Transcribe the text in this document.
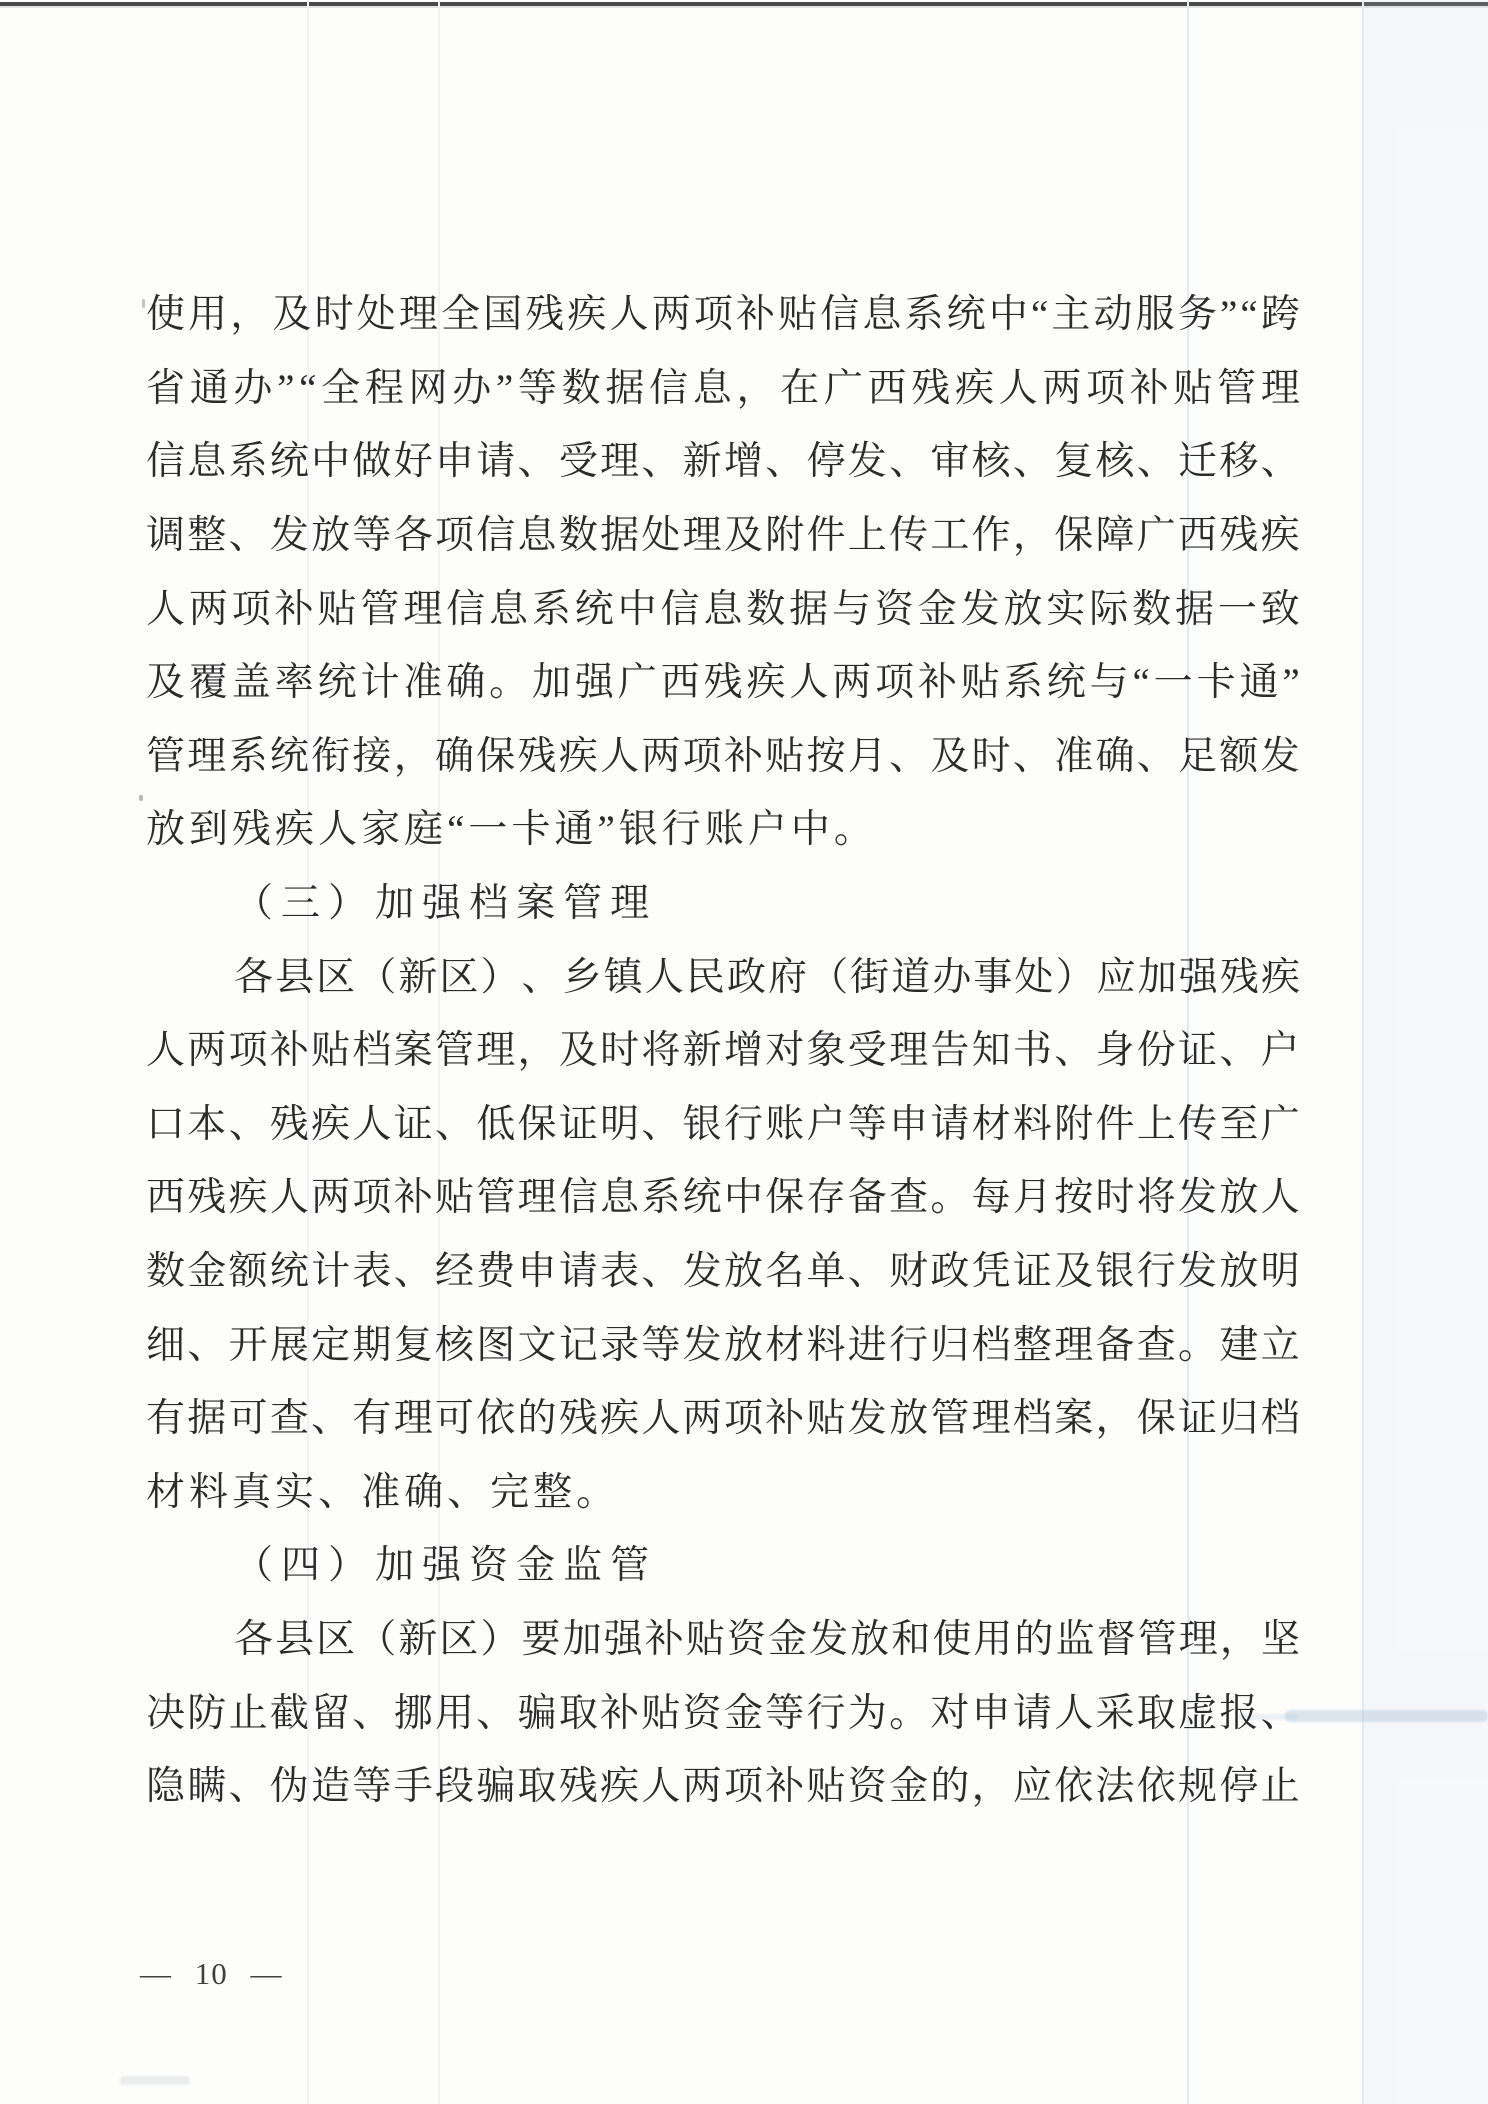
使 用 ， 及 时 处 理 全 国 残 疾 人 两 项 补 贴 信 息 系 统 中 “ 主 动 服 务 ” “ 跨
省 通 办 ” “ 全 程 网 办 ” 等 数 据 信 息 ， 在 广 西 残 疾 人 两 项 补 贴 管 理
信 息 系 统 中 做 好 申 请 、 受 理 、 新 增 、 停 发 、 审 核 、 复 核 、 迁 移 、
调 整 、 发 放 等 各 项 信 息 数 据 处 理 及 附 件 上 传 工 作 ， 保 障 广 西 残 疾
人 两 项 补 贴 管 理 信 息 系 统 中 信 息 数 据 与 资 金 发 放 实 际 数 据 一 致
及 覆 盖 率 统 计 准 确 。 加 强 广 西 残 疾 人 两 项 补 贴 系 统 与 “ 一 卡 通 ”
管 理 系 统 衔 接 ， 确 保 残 疾 人 两 项 补 贴 按 月 、 及 时 、 准 确 、 足 额 发
放 到 残 疾 人 家 庭 “ 一 卡 通 ” 银 行 账 户 中 。
（ 三 ） 加 强 档 案 管 理
各 县 区 （ 新 区 ） 、 乡 镇 人 民 政 府 （ 街 道 办 事 处 ） 应 加 强 残 疾
人 两 项 补 贴 档 案 管 理 ， 及 时 将 新 增 对 象 受 理 告 知 书 、 身 份 证 、 户
口 本 、 残 疾 人 证 、 低 保 证 明 、 银 行 账 户 等 申 请 材 料 附 件 上 传 至 广
西 残 疾 人 两 项 补 贴 管 理 信 息 系 统 中 保 存 备 查 。 每 月 按 时 将 发 放 人
数 金 额 统 计 表 、 经 费 申 请 表 、 发 放 名 单 、 财 政 凭 证 及 银 行 发 放 明
细 、 开 展 定 期 复 核 图 文 记 录 等 发 放 材 料 进 行 归 档 整 理 备 查 。 建 立
有 据 可 查 、 有 理 可 依 的 残 疾 人 两 项 补 贴 发 放 管 理 档 案 ， 保 证 归 档
材 料 真 实 、 准 确 、 完 整 。
（ 四 ） 加 强 资 金 监 管
各 县 区 （ 新 区 ） 要 加 强 补 贴 资 金 发 放 和 使 用 的 监 督 管 理 ， 坚
决 防 止 截 留 、 挪 用 、 骗 取 补 贴 资 金 等 行 为 。 对 申 请 人 采 取 虚 报 、
隐 瞒 、 伪 造 等 手 段 骗 取 残 疾 人 两 项 补 贴 资 金 的 ， 应 依 法 依 规 停 止
— 10 —
